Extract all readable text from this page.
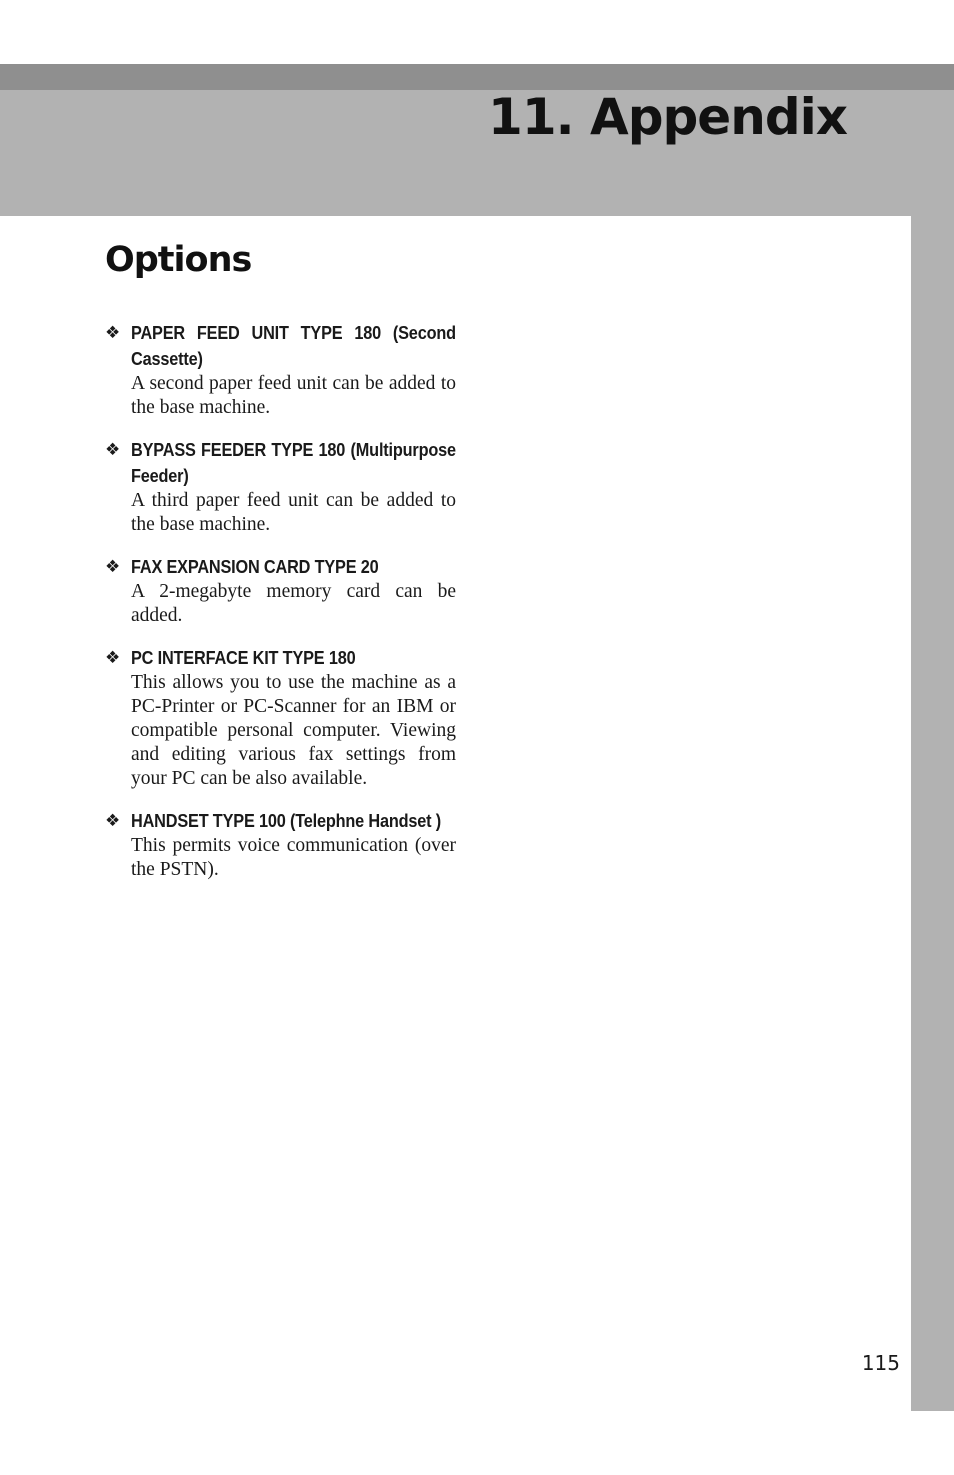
11. Appendix
Options
❖ PAPER FEED UNIT TYPE 180 (Second Cassette)
A second paper feed unit can be added to the base machine.
❖ BYPASS FEEDER TYPE 180 (Multipurpose Feeder)
A third paper feed unit can be added to the base machine.
❖ FAX EXPANSION CARD TYPE 20
A 2-megabyte memory card can be added.
❖ PC INTERFACE KIT TYPE 180
This allows you to use the machine as a PC-Printer or PC-Scanner for an IBM or compatible personal computer. Viewing and editing various fax settings from your PC can be also available.
❖ HANDSET TYPE 100 (Telephne Handset )
This permits voice communication (over the PSTN).
115
